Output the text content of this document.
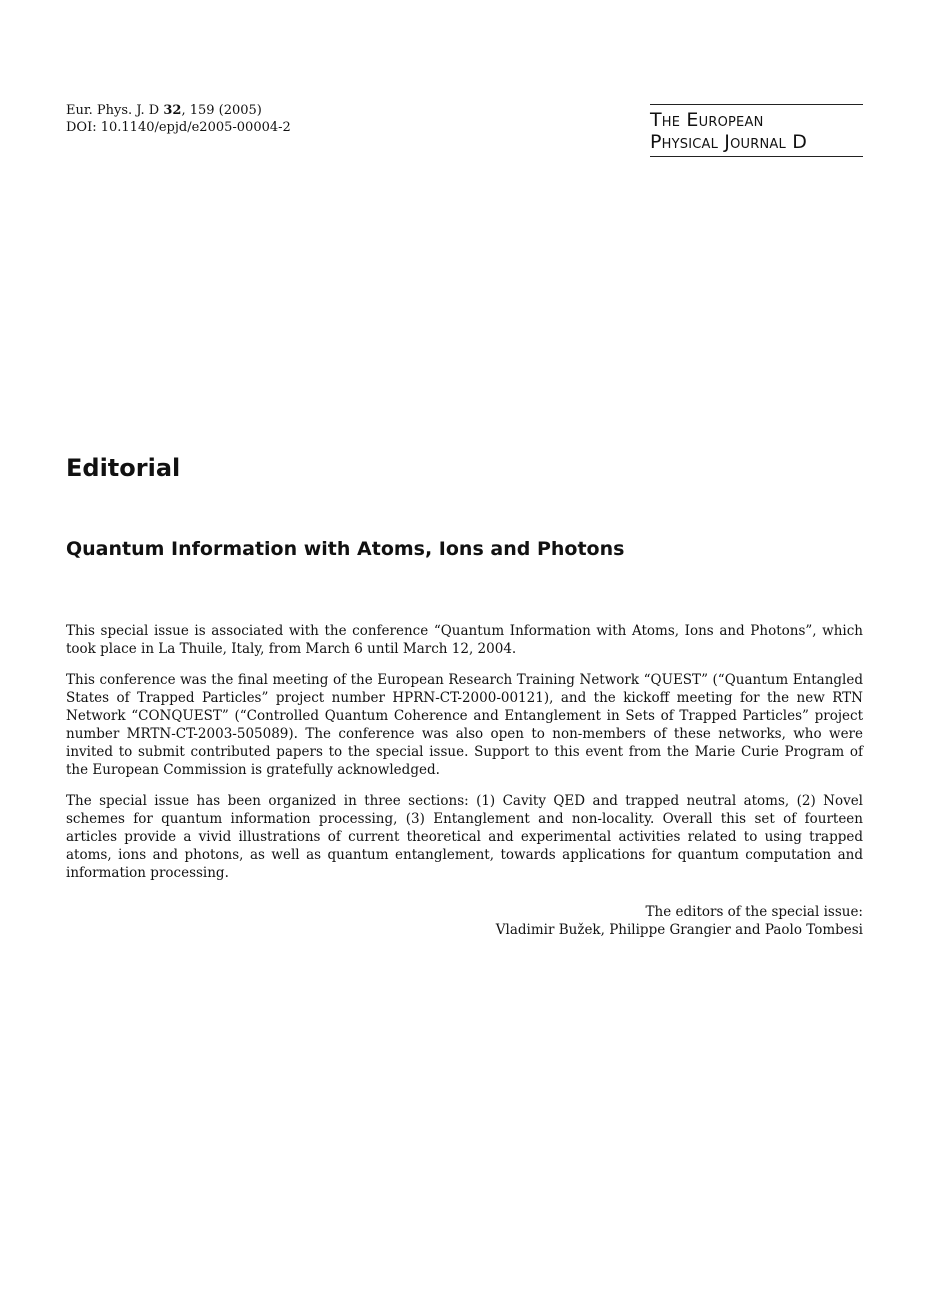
Eur. Phys. J. D 32, 159 (2005)
DOI: 10.1140/epjd/e2005-00004-2	The European
Physical Journal D
Editorial
Quantum Information with Atoms, Ions and Photons

This special issue is associated with the conference “Quantum Information with Atoms, Ions and Photons”, which took place in La Thuile, Italy, from March 6 until March 12, 2004.

This conference was the final meeting of the European Research Training Network “QUEST” (“Quantum Entangled States of Trapped Particles” project number HPRN-CT-2000-00121), and the kickoff meeting for the new RTN Network “CONQUEST” (“Controlled Quantum Coherence and Entanglement in Sets of Trapped Particles” project number MRTN-CT-2003-505089). The conference was also open to non-members of these networks, who were invited to submit contributed papers to the special issue. Support to this event from the Marie Curie Program of the European Commission is gratefully acknowledged.

The special issue has been organized in three sections: (1) Cavity QED and trapped neutral atoms, (2) Novel schemes for quantum information processing, (3) Entanglement and non-locality. Overall this set of fourteen articles provide a vivid illustrations of current theoretical and experimental activities related to using trapped atoms, ions and photons, as well as quantum entanglement, towards applications for quantum computation and information processing.

The editors of the special issue:
Vladimir Bužek, Philippe Grangier and Paolo Tombesi
